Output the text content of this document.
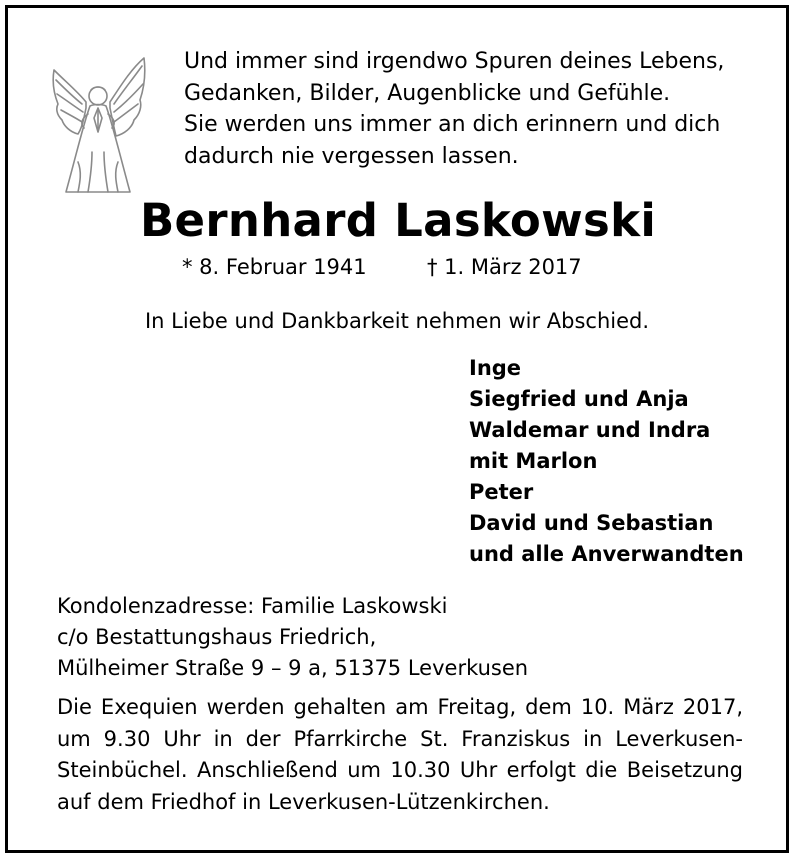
Und immer sind irgendwo Spuren deines Lebens,
Gedanken, Bilder, Augenblicke und Gefühle.
Sie werden uns immer an dich erinnern und dich
dadurch nie vergessen lassen.
Bernhard Laskowski
* 8. Februar 1941	† 1. März 2017
In Liebe und Dankbarkeit nehmen wir Abschied.
Inge
Siegfried und Anja
Waldemar und Indra
mit Marlon
Peter
David und Sebastian
und alle Anverwandten
Kondolenzadresse: Familie Laskowski
c/o Bestattungshaus Friedrich,
Mülheimer Straße 9 – 9 a, 51375 Leverkusen
Die Exequien werden gehalten am Freitag, dem 10. März 2017,
um 9.30 Uhr in der Pfarrkirche St. Franziskus in Leverkusen-
Steinbüchel. Anschließend um 10.30 Uhr erfolgt die Beisetzung
auf dem Friedhof in Leverkusen-Lützenkirchen.
